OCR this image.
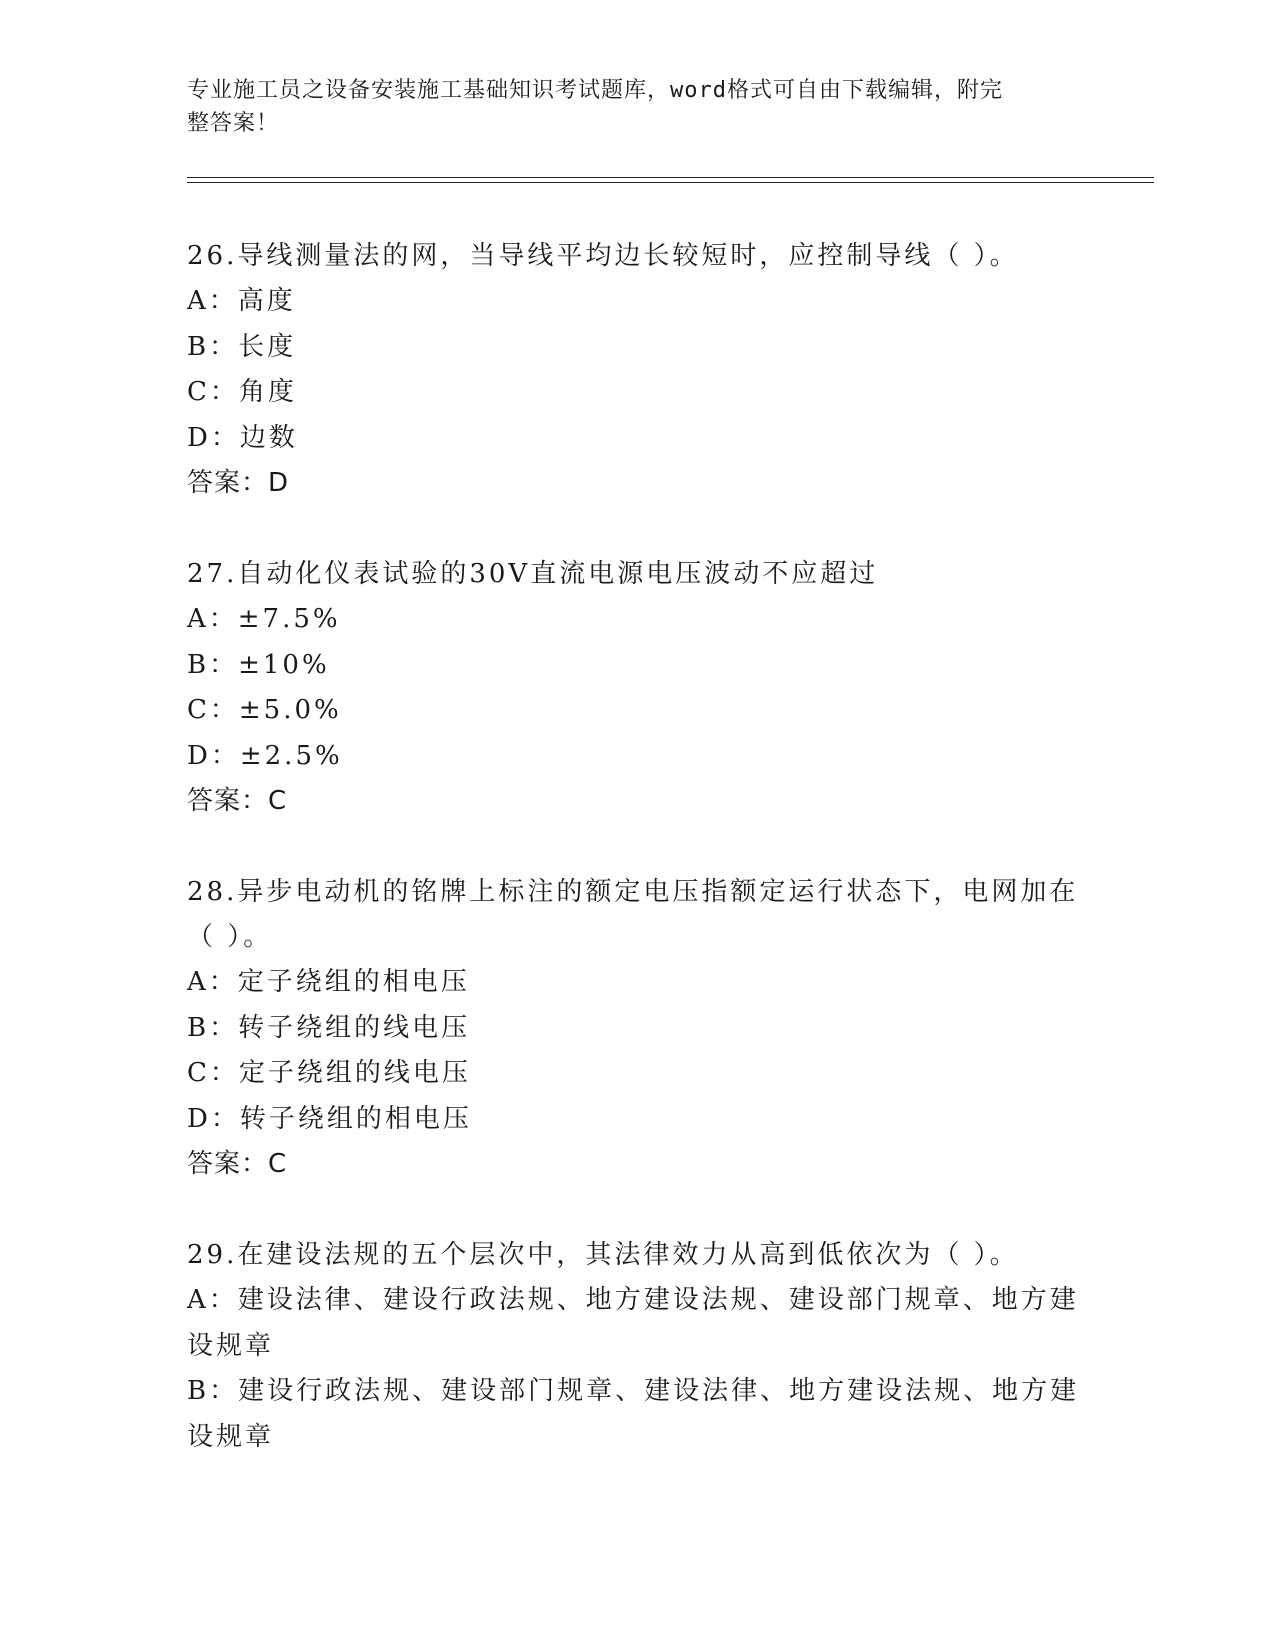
专业施工员之设备安装施工基础知识考试题库，word格式可自由下载编辑，附完
整答案！
26.导线测量法的网，当导线平均边长较短时，应控制导线（ ）。
A：高度
B：长度
C：角度
D：边数
答案：D
27.自动化仪表试验的30V直流电源电压波动不应超过
A：±7.5%
B：±10%
C：±5.0%
D：±2.5%
答案：C
28.异步电动机的铭牌上标注的额定电压指额定运行状态下，电网加在
（ ）。
A：定子绕组的相电压
B：转子绕组的线电压
C：定子绕组的线电压
D：转子绕组的相电压
答案：C
29.在建设法规的五个层次中，其法律效力从高到低依次为（ ）。
A：建设法律、建设行政法规、地方建设法规、建设部门规章、地方建
设规章
B：建设行政法规、建设部门规章、建设法律、地方建设法规、地方建
设规章
